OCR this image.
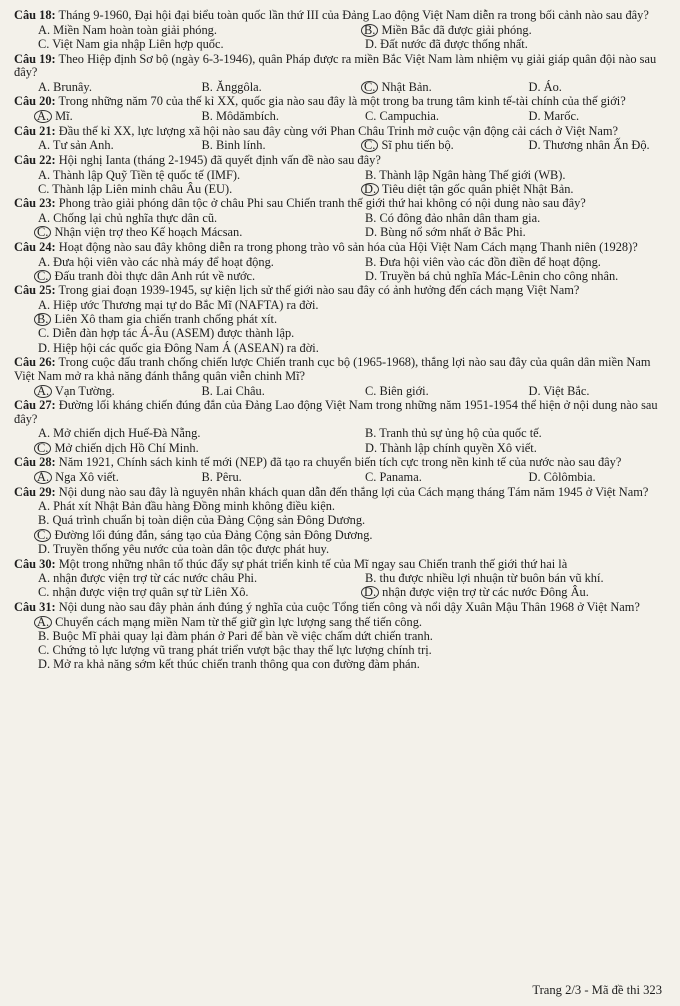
Câu 18: Tháng 9-1960, Đại hội đại biểu toàn quốc lần thứ III của Đảng Lao động Việt Nam diễn ra trong bối cảnh nào sau đây?
A. Miền Nam hoàn toàn giải phóng.	B. Miền Bắc đã được giải phóng.
C. Việt Nam gia nhập Liên hợp quốc.	D. Đất nước đã được thống nhất.
Câu 19: Theo Hiệp định Sơ bộ (ngày 6-3-1946), quân Pháp được ra miền Bắc Việt Nam làm nhiệm vụ giải giáp quân đội nào sau đây?
A. Brunây.	B. Ănggôla.	C. Nhật Bản.	D. Áo.
Câu 20: Trong những năm 70 của thế kỉ XX, quốc gia nào sau đây là một trong ba trung tâm kinh tế-tài chính của thế giới?
A. Mĩ.	B. Môdămbích.	C. Campuchia.	D. Marốc.
Câu 21: Đầu thế kỉ XX, lực lượng xã hội nào sau đây cùng với Phan Châu Trinh mở cuộc vận động cải cách ở Việt Nam?
A. Tư sản Anh.	B. Binh lính.	C. Sĩ phu tiến bộ.	D. Thương nhân Ấn Độ.
Câu 22: Hội nghị Ianta (tháng 2-1945) đã quyết định vấn đề nào sau đây?
A. Thành lập Quỹ Tiền tệ quốc tế (IMF).	B. Thành lập Ngân hàng Thế giới (WB).
C. Thành lập Liên minh châu Âu (EU).	D. Tiêu diệt tận gốc quân phiệt Nhật Bản.
Câu 23: Phong trào giải phóng dân tộc ở châu Phi sau Chiến tranh thế giới thứ hai không có nội dung nào sau đây?
A. Chống lại chủ nghĩa thực dân cũ.	B. Có đông đảo nhân dân tham gia.
C. Nhận viện trợ theo Kế hoạch Mácsan.	D. Bùng nổ sớm nhất ở Bắc Phi.
Câu 24: Hoạt động nào sau đây không diễn ra trong phong trào vô sản hóa của Hội Việt Nam Cách mạng Thanh niên (1928)?
A. Đưa hội viên vào các nhà máy để hoạt động.	B. Đưa hội viên vào các đồn điền để hoạt động.
C. Đấu tranh đòi thực dân Anh rút về nước.	D. Truyền bá chủ nghĩa Mác-Lênin cho công nhân.
Câu 25: Trong giai đoạn 1939-1945, sự kiện lịch sử thế giới nào sau đây có ảnh hưởng đến cách mạng Việt Nam?
A. Hiệp ước Thương mại tự do Bắc Mĩ (NAFTA) ra đời.
B. Liên Xô tham gia chiến tranh chống phát xít.
C. Diễn đàn hợp tác Á-Âu (ASEM) được thành lập.
D. Hiệp hội các quốc gia Đông Nam Á (ASEAN) ra đời.
Câu 26: Trong cuộc đấu tranh chống chiến lược Chiến tranh cục bộ (1965-1968), thắng lợi nào sau đây của quân dân miền Nam Việt Nam mở ra khả năng đánh thắng quân viễn chinh Mĩ?
A. Vạn Tường.	B. Lai Châu.	C. Biên giới.	D. Việt Bắc.
Câu 27: Đường lối kháng chiến đúng đắn của Đảng Lao động Việt Nam trong những năm 1951-1954 thể hiện ở nội dung nào sau đây?
A. Mở chiến dịch Huế-Đà Nẵng.	B. Tranh thủ sự ủng hộ của quốc tế.
C. Mở chiến dịch Hồ Chí Minh.	D. Thành lập chính quyền Xô viết.
Câu 28: Năm 1921, Chính sách kinh tế mới (NEP) đã tạo ra chuyển biến tích cực trong nền kinh tế của nước nào sau đây?
A. Nga Xô viết.	B. Pêru.	C. Panama.	D. Côlômbia.
Câu 29: Nội dung nào sau đây là nguyên nhân khách quan dẫn đến thắng lợi của Cách mạng tháng Tám năm 1945 ở Việt Nam?
A. Phát xít Nhật Bản đầu hàng Đồng minh không điều kiện.
B. Quá trình chuẩn bị toàn diện của Đảng Cộng sản Đông Dương.
C. Đường lối đúng đắn, sáng tạo của Đảng Cộng sản Đông Dương.
D. Truyền thống yêu nước của toàn dân tộc được phát huy.
Câu 30: Một trong những nhân tố thúc đẩy sự phát triển kinh tế của Mĩ ngay sau Chiến tranh thế giới thứ hai là
A. nhận được viện trợ từ các nước châu Phi.	B. thu được nhiều lợi nhuận từ buôn bán vũ khí.
C. nhận được viện trợ quân sự từ Liên Xô.	D. nhận được viện trợ từ các nước Đông Âu.
Câu 31: Nội dung nào sau đây phản ánh đúng ý nghĩa của cuộc Tổng tiến công và nổi dậy Xuân Mậu Thân 1968 ở Việt Nam?
A. Chuyển cách mạng miền Nam từ thế giữ gìn lực lượng sang thế tiến công.
B. Buộc Mĩ phải quay lại đàm phán ở Pari để bàn về việc chấm dứt chiến tranh.
C. Chứng tỏ lực lượng vũ trang phát triển vượt bậc thay thế lực lượng chính trị.
D. Mở ra khả năng sớm kết thúc chiến tranh thông qua con đường đàm phán.
Trang 2/3 - Mã đề thi 323
